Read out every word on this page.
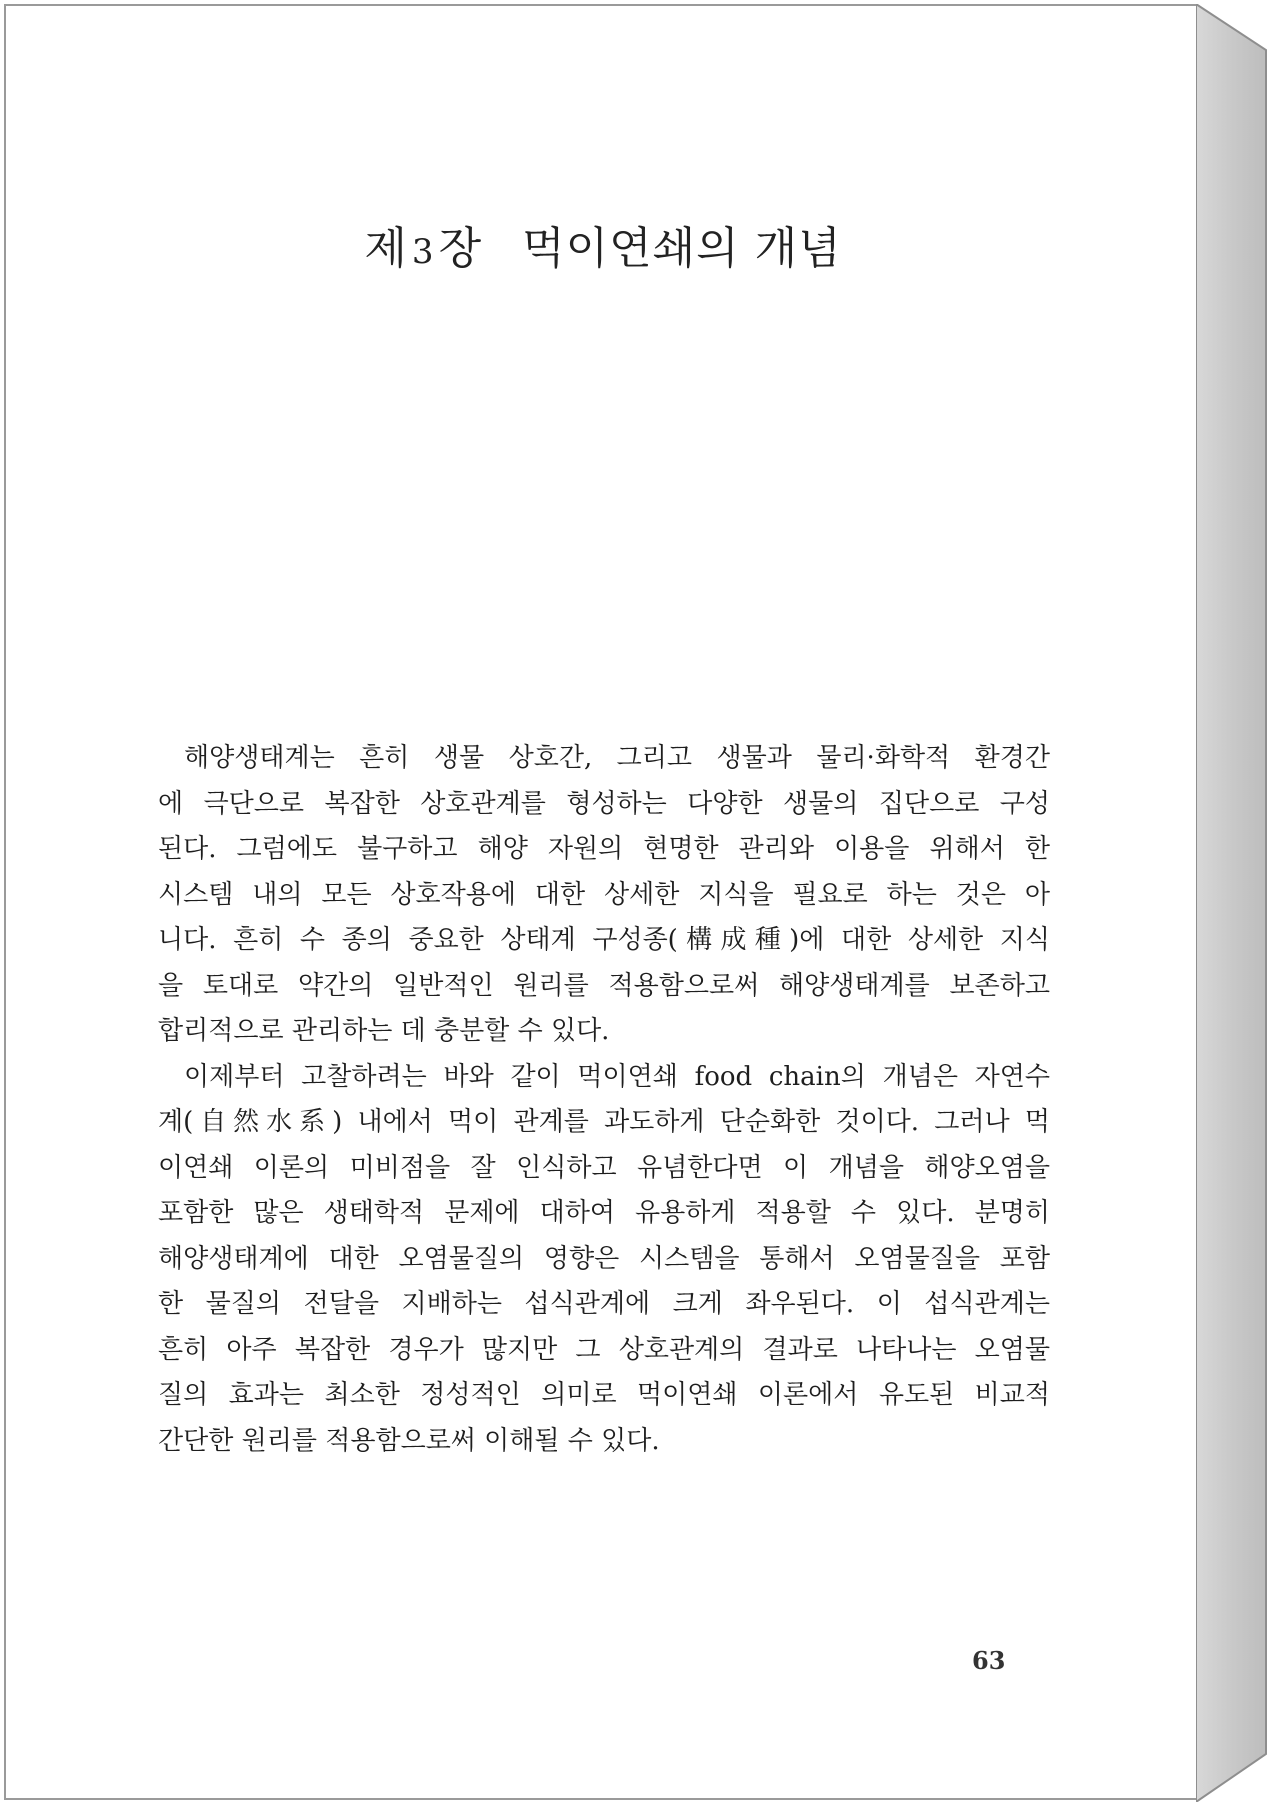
제 3장 먹이연쇄의 개념
해양생태계는 흔히 생물 상호간, 그리고 생물과 물리·화학적 환경간
에 극단으로 복잡한 상호관계를 형성하는 다양한 생물의 집단으로 구성
된다. 그럼에도 불구하고 해양 자원의 현명한 관리와 이용을 위해서 한
시스템 내의 모든 상호작용에 대한 상세한 지식을 필요로 하는 것은 아
니다. 흔히 수 종의 중요한 상태계 구성종(構成種)에 대한 상세한 지식
을 토대로 약간의 일반적인 원리를 적용함으로써 해양생태계를 보존하고
합리적으로 관리하는 데 충분할 수 있다.
이제부터 고찰하려는 바와 같이 먹이연쇄 food chain의 개념은 자연수
계(自然水系) 내에서 먹이 관계를 과도하게 단순화한 것이다. 그러나 먹
이연쇄 이론의 미비점을 잘 인식하고 유념한다면 이 개념을 해양오염을
포함한 많은 생태학적 문제에 대하여 유용하게 적용할 수 있다. 분명히
해양생태계에 대한 오염물질의 영향은 시스템을 통해서 오염물질을 포함
한 물질의 전달을 지배하는 섭식관계에 크게 좌우된다. 이 섭식관계는
흔히 아주 복잡한 경우가 많지만 그 상호관계의 결과로 나타나는 오염물
질의 효과는 최소한 정성적인 의미로 먹이연쇄 이론에서 유도된 비교적
간단한 원리를 적용함으로써 이해될 수 있다.
63
